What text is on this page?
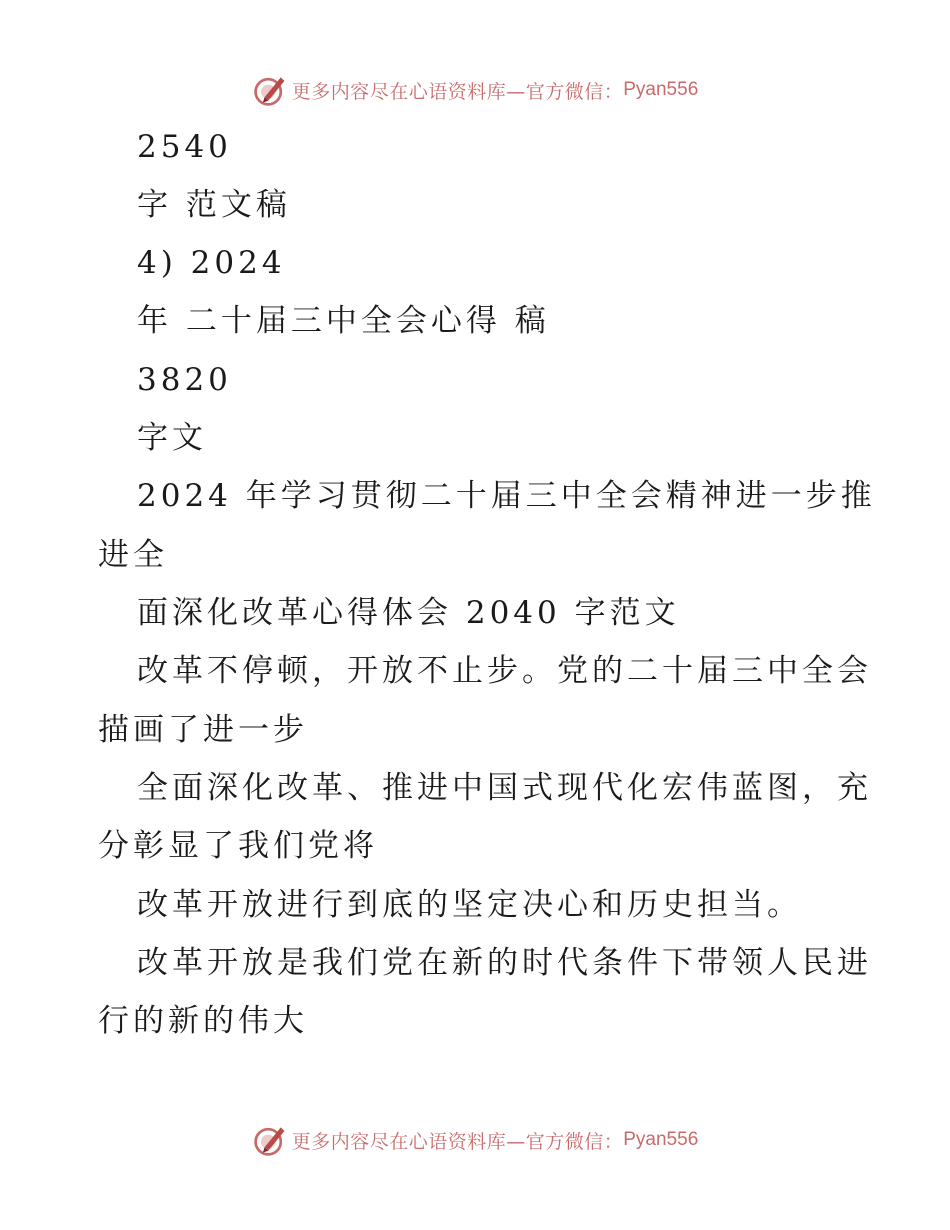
更多内容尽在心语资料库—官方微信： Pyan556
2540
字 范文稿
4) 2024
年 二十届三中全会心得 稿
3820
字文
2024 年学习贯彻二十届三中全会精神进一步推
进全
面深化改革心得体会 2040 字范文
改革不停顿，开放不止步。党的二十届三中全会
描画了进一步
全面深化改革、推进中国式现代化宏伟蓝图，充
分彰显了我们党将
改革开放进行到底的坚定决心和历史担当。
改革开放是我们党在新的时代条件下带领人民进
行的新的伟大
更多内容尽在心语资料库—官方微信： Pyan556
